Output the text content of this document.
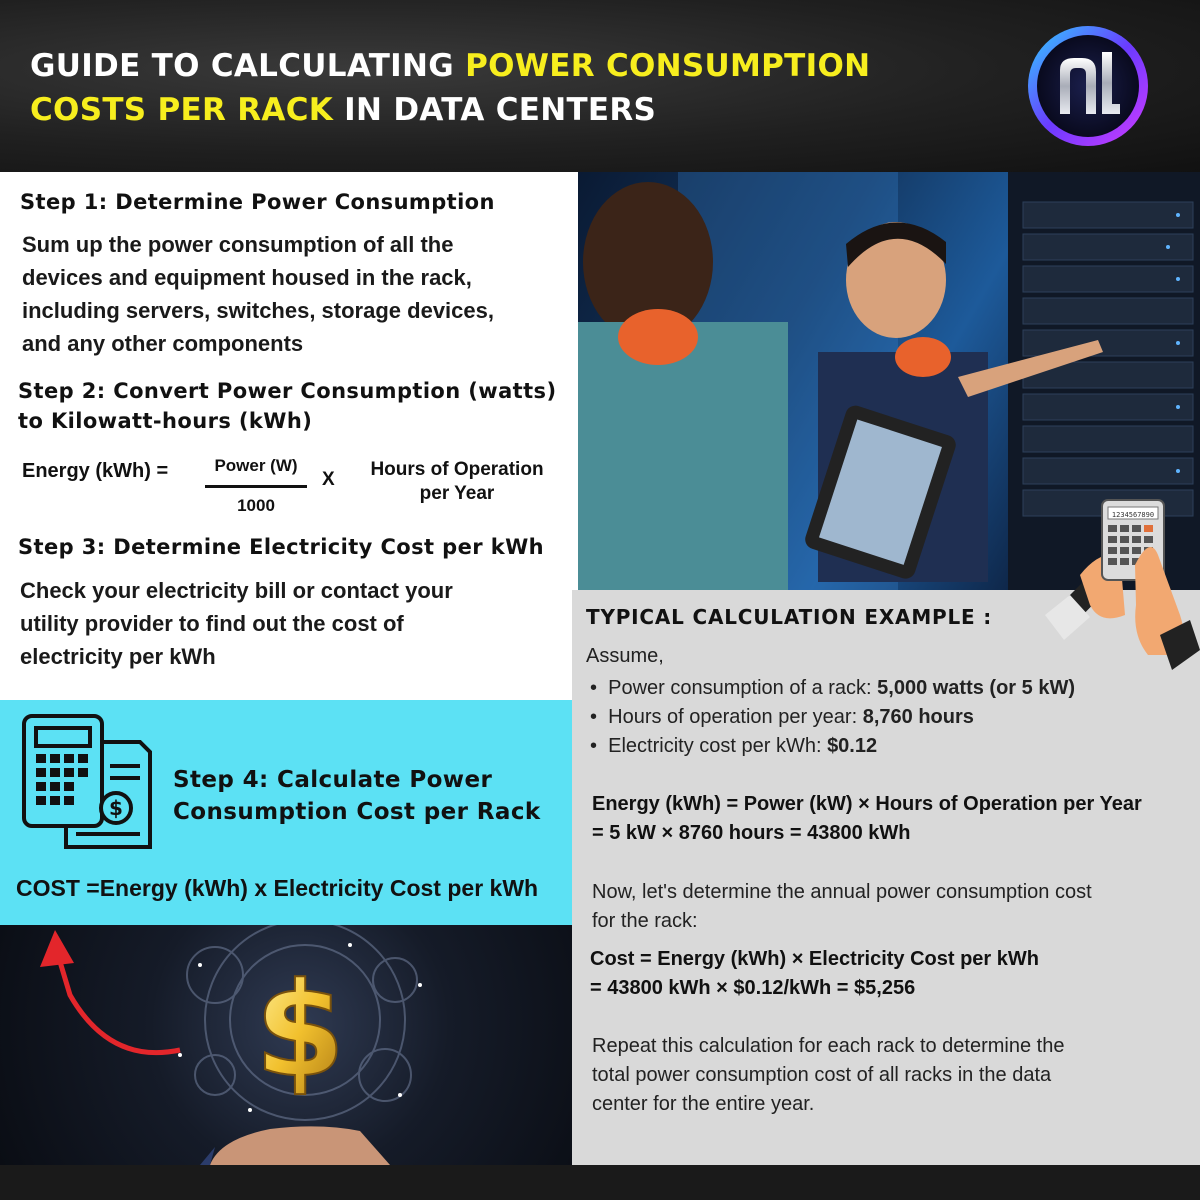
GUIDE TO CALCULATING POWER CONSUMPTION
COSTS PER RACK IN DATA CENTERS
Step 1: Determine Power Consumption
Sum up the power consumption of all the
devices and equipment housed in the rack,
including servers, switches, storage devices,
and any other components
Step 2: Convert Power Consumption (watts)
to Kilowatt-hours (kWh)
Energy (kWh) =	Power (W)
1000
X	Hours of Operation
per Year
Step 3: Determine Electricity Cost per kWh
Check your electricity bill or contact your
utility provider to find out the cost of
electricity per kWh
$
Step 4: Calculate Power
Consumption Cost per Rack
COST =Energy (kWh) x Electricity Cost per kWh
$
TYPICAL CALCULATION EXAMPLE :
Assume,
•  Power consumption of a rack: 5,000 watts (or 5 kW)
•  Hours of operation per year: 8,760 hours
•  Electricity cost per kWh: $0.12
Energy (kWh) = Power (kW) × Hours of Operation per Year
= 5 kW × 8760 hours = 43800 kWh
Now, let's determine the annual power consumption cost
for the rack:
Cost = Energy (kWh) × Electricity Cost per kWh
= 43800 kWh × $0.12/kWh = $5,256
Repeat this calculation for each rack to determine the
total power consumption cost of all racks in the data
center for the entire year.
1234567890
